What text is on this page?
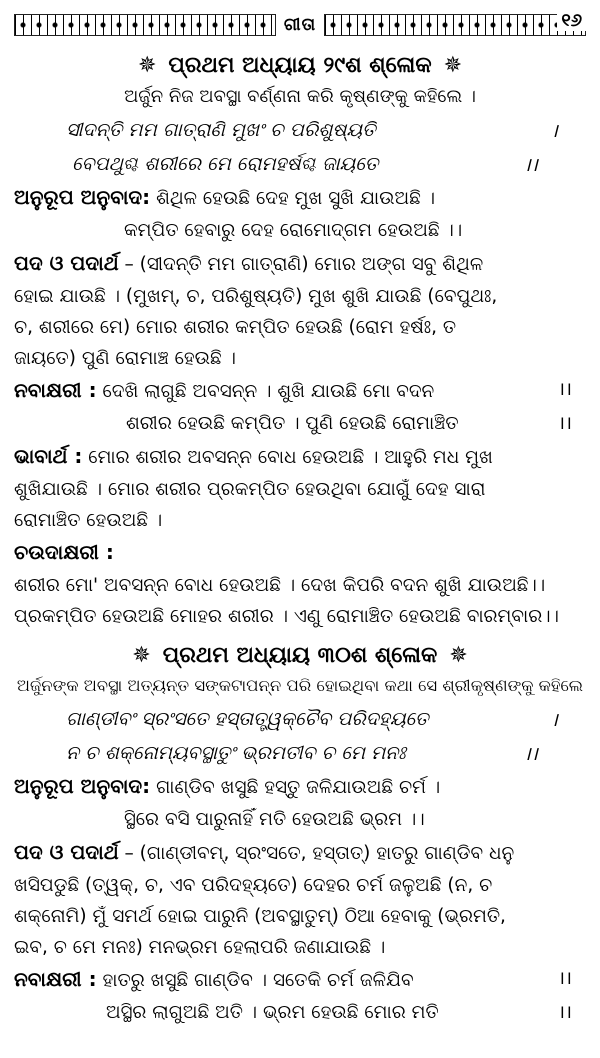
ଗୀତା	୧୬
✵ ପ୍ରଥମ ଅଧ୍ୟାୟ ୨୯ଶ ଶ୍ଳୋକ ✵
ଅର୍ଜୁନ ନିଜ ଅବସ୍ଥା ବର୍ଣ୍ଣନା କରି କୃଷ୍ଣଙ୍କୁ କହିଲେ ।
ସୀଦନ୍ତି ମମ ଗାତ୍ରାଣି ମୁଖଂ ଚ ପରିଶୁଷ୍ୟତି	।
ବେପଥୁଶ୍ଚ ଶରୀରେ ମେ ରୋମହର୍ଷଶ୍ଚ ଜାୟତେ	।।
ଅନୁରୂପ ଅନୁବାଦ: ଶିଥିଳ ହେଉଛି ଦେହ ମୁଖ ସୁଖି ଯାଉଅଛି ।
କମ୍ପିତ ହେବାରୁ ଦେହ ରୋମୋଦ୍‌ଗମ ହେଉଅଛି ।।
ପଦ ଓ ପଦାର୍ଥ – (ସୀଦନ୍ତି ମମ ଗାତ୍ରାଣି) ମୋର ଅଙ୍ଗ ସବୁ ଶିଥିଳ
ହୋଇ ଯାଉଛି । (ମୁଖମ୍, ଚ, ପରିଶୁଷ୍ୟତି) ମୁଖ ଶୁଖି ଯାଉଛି (ବେପୁଥଃ,
ଚ, ଶରୀରେ ମେ) ମୋର ଶରୀର କମ୍ପିତ ହେଉଛି (ରୋମ ହର୍ଷଃ, ତ
ଜାୟତେ) ପୁଣି ରୋମାଞ୍ଚ ହେଉଛି ।
ନବାକ୍ଷରୀ : ଦେଖି ଲାଗୁଛି ଅବସନ୍ନ । ଶୁଖି ଯାଉଛି ମୋ ବଦନ	।।
ଶରୀର ହେଉଛି କମ୍ପିତ । ପୁଣି ହେଉଛି ରୋମାଞ୍ଚିତ	।।
ଭାବାର୍ଥ : ମୋର ଶରୀର ଅବସନ୍ନ ବୋଧ ହେଉଅଛି । ଆହୁରି ମଧ ମୁଖ
ଶୁଖିଯାଉଛି । ମୋର ଶରୀର ପ୍ରକମ୍ପିତ ହେଉଥିବା ଯୋଗୁଁ ଦେହ ସାରା
ରୋମାଞ୍ଚିତ ହେଉଅଛି ।
ଚଉଦାକ୍ଷରୀ :
ଶରୀର ମୋ' ଅବସନ୍ନ ବୋଧ ହେଉଅଛି । ଦେଖ କିପରି ବଦନ ଶୁଖି ଯାଉଅଛି।।
ପ୍ରକମ୍ପିତ ହେଉଅଛି ମୋହର ଶରୀର । ଏଣୁ ରୋମାଞ୍ଚିତ ହେଉଅଛି ବାରମ୍ବାର।।
✵ ପ୍ରଥମ ଅଧ୍ୟାୟ ୩୦ଶ ଶ୍ଳୋକ ✵
ଅର୍ଜୁନଙ୍କ ଅବସ୍ଥା ଅତ୍ୟନ୍ତ ସଙ୍କଟାପନ୍ନ ପରି ହୋଇଥିବା କଥା ସେ ଶ୍ରୀକୃଷ୍ଣଙ୍କୁ କହିଲେ
ଗାଣ୍ଡୀବଂ ସ୍ରଂସତେ ହସ୍ତାତ୍ତ୍ୱକ୍‌ଚୈବ ପରିଦହ୍ୟତେ	।
ନ ଚ ଶକ୍ନୋମ୍ୟବସ୍ଥାତୁଂ ଭ୍ରମତୀବ ଚ ମେ ମନଃ	।।
ଅନୁରୂପ ଅନୁବାଦ: ଗାଣ୍ଡିବ ଖସୁଛି ହସ୍ତୁ ଜଳିଯାଉଅଛି ଚର୍ମ ।
ସ୍ଥିରେ ବସି ପାରୁନାହିଁ ମତି ହେଉଅଛି ଭ୍ରମ ।।
ପଦ ଓ ପଦାର୍ଥ – (ଗାଣ୍ଡୀବମ୍, ସ୍ରଂସତେ, ହସ୍ତାତ୍) ହାତରୁ ଗାଣ୍ଡିବ ଧନୁ
ଖସିପଡୁଛି (ତ୍ୱକ୍, ଚ, ଏବ ପରିଦହ୍ୟତେ) ଦେହର ଚର୍ମ ଜଳୁଅଛି (ନ, ଚ
ଶକ୍ନୋମି) ମୁଁ ସମର୍ଥ ହୋଇ ପାରୁନି (ଅବସ୍ଥାତୁମ୍) ଠିଆ ହେବାକୁ (ଭ୍ରମତି,
ଇବ, ଚ ମେ ମନଃ) ମନଭ୍ରମ ହେଲାପରି ଜଣାଯାଉଛି ।
ନବାକ୍ଷରୀ : ହାତରୁ ଖସୁଛି ଗାଣ୍ଡିବ । ସତେକି ଚର୍ମ ଜଳିଯିବ	।।
ଅସ୍ଥିର ଲାଗୁଅଛି ଅତି । ଭ୍ରମ ହେଉଛି ମୋର ମତି	।।
